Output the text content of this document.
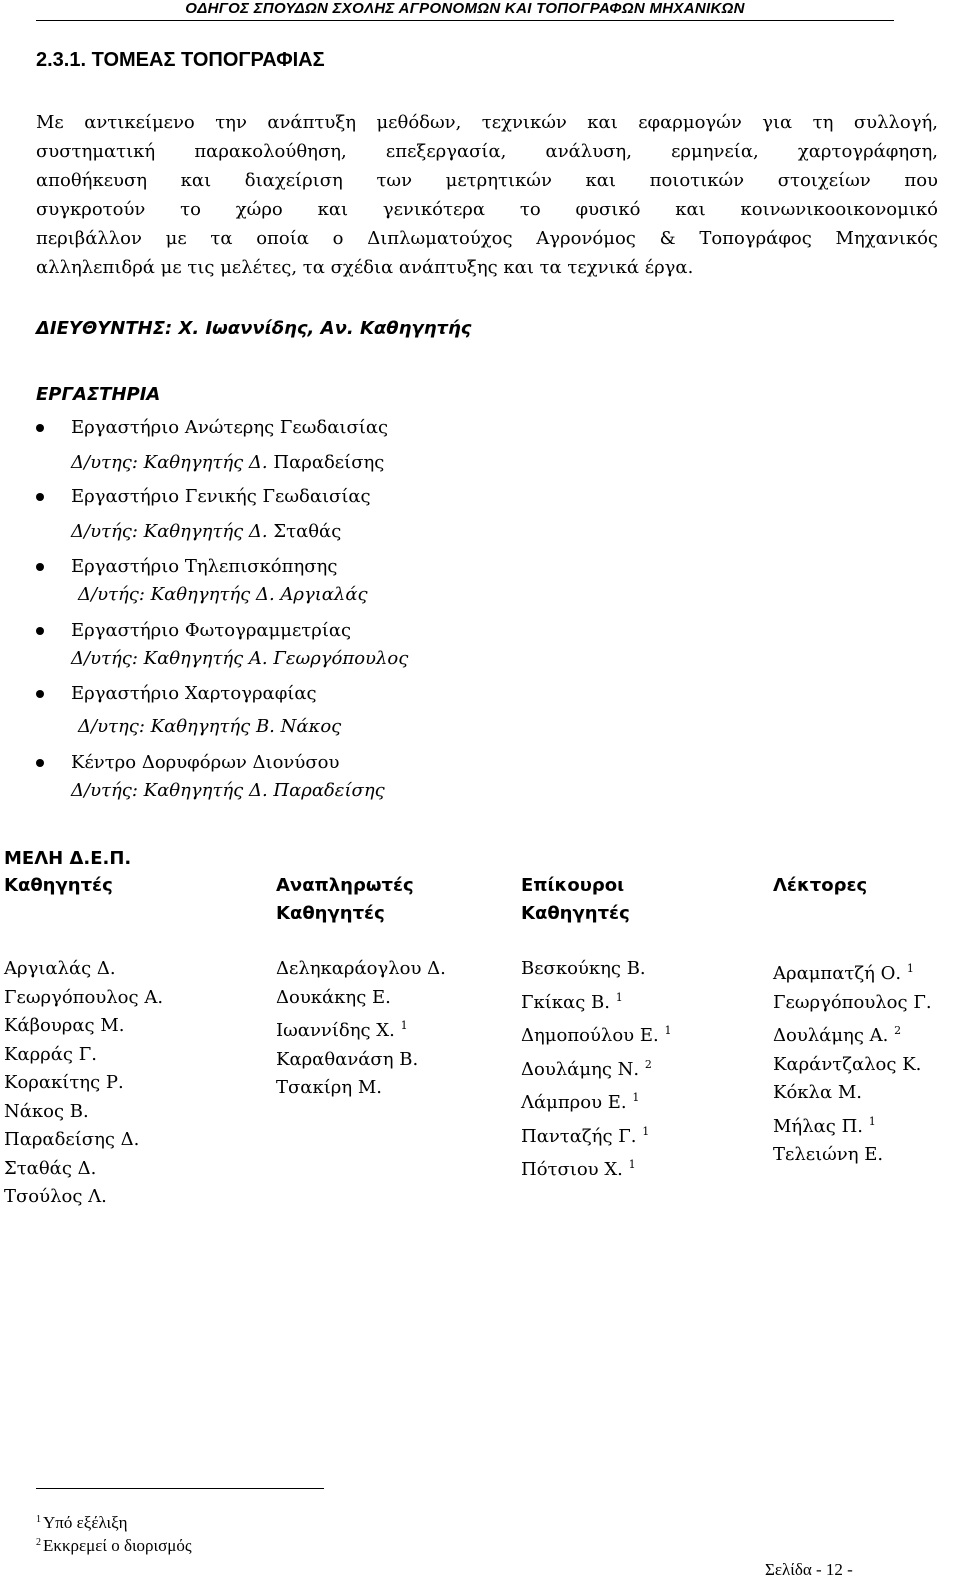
ΟΔΗΓΟΣ ΣΠΟΥΔΩΝ ΣΧΟΛΗΣ ΑΓΡΟΝΟΜΩΝ ΚΑΙ ΤΟΠΟΓΡΑΦΩΝ ΜΗΧΑΝΙΚΩΝ
2.3.1. ΤΟΜΕΑΣ ΤΟΠΟΓΡΑΦΙΑΣ
Με αντικείμενο την ανάπτυξη μεθόδων, τεχνικών και εφαρμογών για τη συλλογή,
συστηματική παρακολούθηση, επεξεργασία, ανάλυση, ερμηνεία, χαρτογράφηση,
αποθήκευση και διαχείριση των μετρητικών και ποιοτικών στοιχείων που
συγκροτούν το χώρο και γενικότερα το φυσικό και κοινωνικοοικονομικό
περιβάλλον με τα οποία ο Διπλωματούχος Αγρονόμος & Τοπογράφος Μηχανικός
αλληλεπιδρά με τις μελέτες, τα σχέδια ανάπτυξης και τα τεχνικά έργα.
ΔΙΕΥΘΥΝΤΗΣ: Χ. Ιωαννίδης, Αν. Καθηγητής
ΕΡΓΑΣΤΗΡΙΑ
Εργαστήριο Ανώτερης Γεωδαισίας
Δ/υτης: Καθηγητής Δ. Παραδείσης
Εργαστήριο Γενικής Γεωδαισίας
Δ/υτής: Καθηγητής Δ. Σταθάς
Εργαστήριο Τηλεπισκόπησης
Δ/υτής: Καθηγητής Δ. Αργιαλάς
Εργαστήριο Φωτογραμμετρίας
Δ/υτής: Καθηγητής Α. Γεωργόπουλος
Εργαστήριο Χαρτογραφίας
Δ/υτης: Καθηγητής Β. Νάκος
Κέντρο Δορυφόρων Διονύσου
Δ/υτής: Καθηγητής Δ. Παραδείσης
ΜΕΛΗ Δ.Ε.Π.
Καθηγητές	Αναπληρωτές
Καθηγητές
Επίκουροι
Καθηγητές
Λέκτορες
Αργιαλάς Δ.
Γεωργόπουλος Α.
Κάβουρας Μ.
Καρράς Γ.
Κορακίτης Ρ.
Νάκος Β.
Παραδείσης Δ.
Σταθάς Δ.
Τσούλος Λ.
Δεληκαράογλου Δ.
Δουκάκης Ε.
Ιωαννίδης Χ. $^1$
Καραθανάση Β.
Τσακίρη Μ.
Βεσκούκης Β.
Γκίκας Β. $^1$
Δημοπούλου Ε. $^1$
Δουλάμης Ν. $^2$
Λάμπρου Ε. $^1$
Πανταζής Γ. $^1$
Πότσιου Χ. $^1$
Αραμπατζή Ο. $^1$
Γεωργόπουλος Γ.
Δουλάμης Α. $^2$
Καράντζαλος Κ.
Κόκλα Μ.
Μήλας Π. $^1$
Τελειώνη Ε.
$^1$ Υπό εξέλιξη
$^2$ Εκκρεμεί ο διορισμός
Σελίδα - 12 -
